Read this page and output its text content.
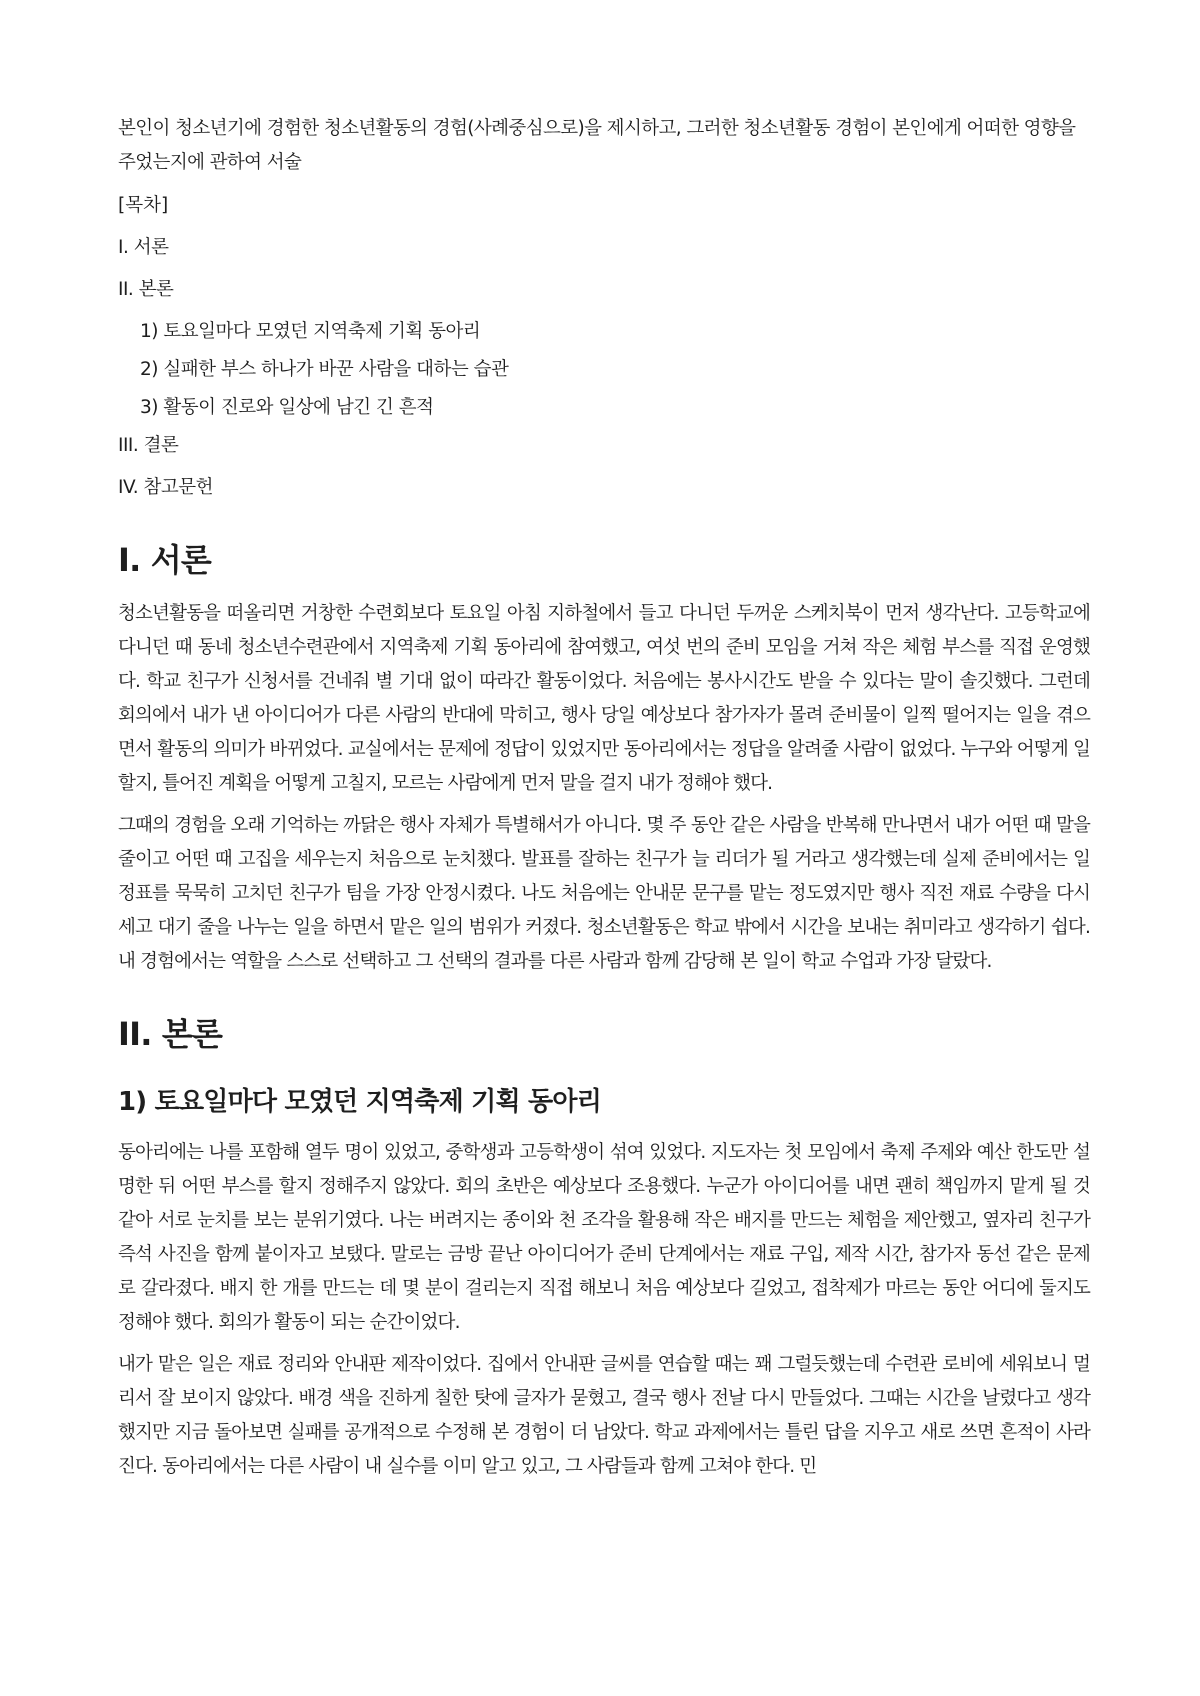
본인이 청소년기에 경험한 청소년활동의 경험(사례중심으로)을 제시하고, 그러한 청소년활동 경험이 본인에게 어떠한 영향을 주었는지에 관하여 서술

[목차]
I. 서론
II. 본론
1) 토요일마다 모였던 지역축제 기획 동아리
2) 실패한 부스 하나가 바꾼 사람을 대하는 습관
3) 활동이 진로와 일상에 남긴 긴 흔적
III. 결론
IV. 참고문헌
I. 서론

청소년활동을 떠올리면 거창한 수련회보다 토요일 아침 지하철에서 들고 다니던 두꺼운 스케치북이 먼저 생각난다. 고등학교에 다니던 때 동네 청소년수련관에서 지역축제 기획 동아리에 참여했고, 여섯 번의 준비 모임을 거쳐 작은 체험 부스를 직접 운영했다. 학교 친구가 신청서를 건네줘 별 기대 없이 따라간 활동이었다. 처음에는 봉사시간도 받을 수 있다는 말이 솔깃했다. 그런데 회의에서 내가 낸 아이디어가 다른 사람의 반대에 막히고, 행사 당일 예상보다 참가자가 몰려 준비물이 일찍 떨어지는 일을 겪으면서 활동의 의미가 바뀌었다. 교실에서는 문제에 정답이 있었지만 동아리에서는 정답을 알려줄 사람이 없었다. 누구와 어떻게 일할지, 틀어진 계획을 어떻게 고칠지, 모르는 사람에게 먼저 말을 걸지 내가 정해야 했다.

그때의 경험을 오래 기억하는 까닭은 행사 자체가 특별해서가 아니다. 몇 주 동안 같은 사람을 반복해 만나면서 내가 어떤 때 말을 줄이고 어떤 때 고집을 세우는지 처음으로 눈치챘다. 발표를 잘하는 친구가 늘 리더가 될 거라고 생각했는데 실제 준비에서는 일정표를 묵묵히 고치던 친구가 팀을 가장 안정시켰다. 나도 처음에는 안내문 문구를 맡는 정도였지만 행사 직전 재료 수량을 다시 세고 대기 줄을 나누는 일을 하면서 맡은 일의 범위가 커졌다. 청소년활동은 학교 밖에서 시간을 보내는 취미라고 생각하기 쉽다. 내 경험에서는 역할을 스스로 선택하고 그 선택의 결과를 다른 사람과 함께 감당해 본 일이 학교 수업과 가장 달랐다.

II. 본론
1) 토요일마다 모였던 지역축제 기획 동아리

동아리에는 나를 포함해 열두 명이 있었고, 중학생과 고등학생이 섞여 있었다. 지도자는 첫 모임에서 축제 주제와 예산 한도만 설명한 뒤 어떤 부스를 할지 정해주지 않았다. 회의 초반은 예상보다 조용했다. 누군가 아이디어를 내면 괜히 책임까지 맡게 될 것 같아 서로 눈치를 보는 분위기였다. 나는 버려지는 종이와 천 조각을 활용해 작은 배지를 만드는 체험을 제안했고, 옆자리 친구가 즉석 사진을 함께 붙이자고 보탰다. 말로는 금방 끝난 아이디어가 준비 단계에서는 재료 구입, 제작 시간, 참가자 동선 같은 문제로 갈라졌다. 배지 한 개를 만드는 데 몇 분이 걸리는지 직접 해보니 처음 예상보다 길었고, 접착제가 마르는 동안 어디에 둘지도 정해야 했다. 회의가 활동이 되는 순간이었다.

내가 맡은 일은 재료 정리와 안내판 제작이었다. 집에서 안내판 글씨를 연습할 때는 꽤 그럴듯했는데 수련관 로비에 세워보니 멀리서 잘 보이지 않았다. 배경 색을 진하게 칠한 탓에 글자가 묻혔고, 결국 행사 전날 다시 만들었다. 그때는 시간을 날렸다고 생각했지만 지금 돌아보면 실패를 공개적으로 수정해 본 경험이 더 남았다. 학교 과제에서는 틀린 답을 지우고 새로 쓰면 흔적이 사라진다. 동아리에서는 다른 사람이 내 실수를 이미 알고 있고, 그 사람들과 함께 고쳐야 한다. 민
